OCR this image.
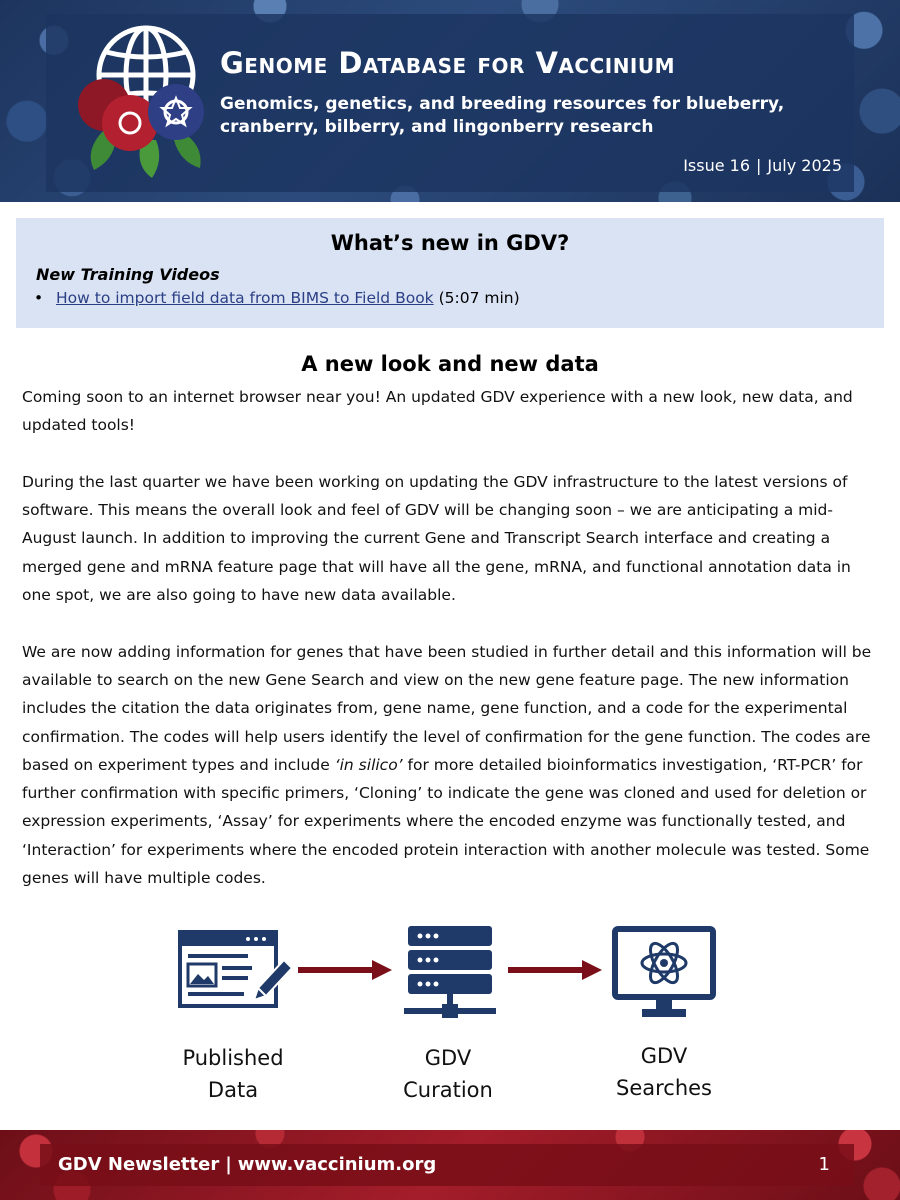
Genome Database for Vaccinium

Genomics, genetics, and breeding resources for blueberry, cranberry, bilberry, and lingonberry research

Issue 16 | July 2025
What’s new in GDV?
New Training Videos
• How to import field data from BIMS to Field Book (5:07 min)
A new look and new data

Coming soon to an internet browser near you! An updated GDV experience with a new look, new data, and updated tools!

During the last quarter we have been working on updating the GDV infrastructure to the latest versions of software. This means the overall look and feel of GDV will be changing soon – we are anticipating a mid-August launch. In addition to improving the current Gene and Transcript Search interface and creating a merged gene and mRNA feature page that will have all the gene, mRNA, and functional annotation data in one spot, we are also going to have new data available.

We are now adding information for genes that have been studied in further detail and this information will be available to search on the new Gene Search and view on the new gene feature page. The new information includes the citation the data originates from, gene name, gene function, and a code for the experimental confirmation. The codes will help users identify the level of confirmation for the gene function. The codes are based on experiment types and include ‘in silico’ for more detailed bioinformatics investigation, ‘RT-PCR’ for further confirmation with specific primers, ‘Cloning’ to indicate the gene was cloned and used for deletion or expression experiments, ‘Assay’ for experiments where the encoded enzyme was functionally tested, and ‘Interaction’ for experiments where the encoded protein interaction with another molecule was tested. Some genes will have multiple codes.

Published
Data
GDV
Curation
GDV
Searches
GDV Newsletter | www.vaccinium.org	1
